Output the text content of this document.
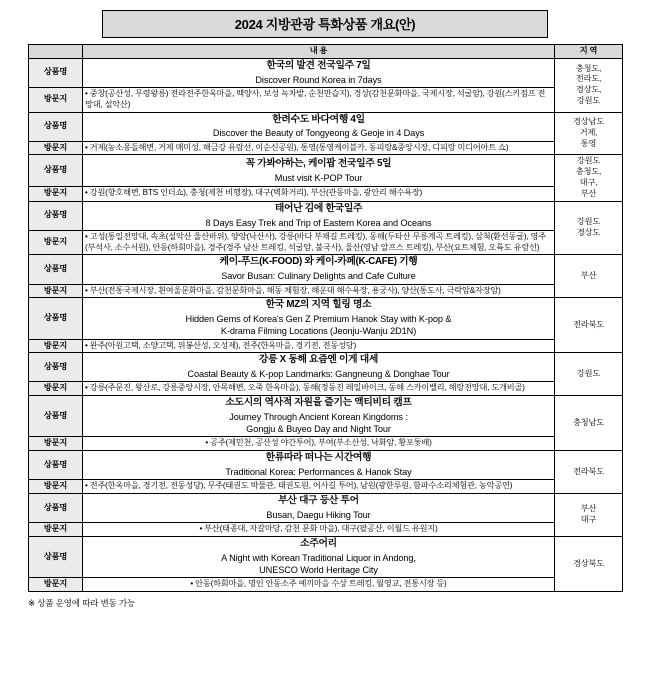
2024 지방관광 특화상품 개요(안)
	내 용	지 역
상품명	한국의 발견 전국일주 7일
Discover Round Korea in 7days	충청도,
전라도,
경상도,
강원도
방문지	• 중창(공산성, 무령왕릉) 전라전주한옥마을, 백양사, 보성 녹차밭, 순천만습지), 경상(감천문화마을, 국제시장, 석굴암), 강원(스키점프 전망대, 설악산)	
상품명	한려수도 바다여행 4일
Discover the Beauty of Tongyeong & Geoje in 4 Days	경상남도
거제,
통영
방문지	• 거제(농소몽돌해변, 거제 매미성, 해금강 유람선, 이순신공원), 통영(통영케이블카, 동피랑&중앙시장, 디피랑 미디어아트 쇼)	
상품명	꼭 가봐야하는, 케이팝 전국일주 5일
Must visit K-POP Tour	강원도
충청도,
대구,
부산
방문지	• 강원(향호해변, BTS 인더쇼), 충청(제천 비행장), 대구(벽화거리), 부산(관동마을, 광안리 해수욕장)	
상품명	태어난 김에 한국일주
8 Days Easy Trek and Trip of Eastern Korea and Oceans	강원도
경상도
방문지	• 고성(통일전망대, 속초(설악산 울산바위), 양양(낙산사), 강릉(바다 부채길 트레킹), 동해(두타산 무릉계곡 트레킹), 삼척(환선동굴), 영주(부석사, 소수서원), 안동(하회마을), 경주(경주 남산 트레킹, 석굴암, 불국사), 울산(영남 알프스 트레킹), 부산(요트체험, 오륙도 유람선)	
상품명	케이-푸드(K-FOOD) 와 케이-카페(K-CAFE) 기행
Savor Busan: Culinary Delights and Cafe Culture	부산
방문지	• 부산(전통국제시장, 흰여울문화마을, 감천문화마을, 해동 체험장, 해운대 해수욕장, 용궁사), 양산(통도사, 극락암&자장암)	
상품명	한국 MZ의 지역 힐링 명소
Hidden Gems of Korea's Gen Z Premium Hanok Stay with K-pop &
K-drama Filming Locations (Jeonju-Wanju 2D1N)	전라북도
방문지	• 완주(아원고택, 소양고택, 위봉산성, 오성제), 전주(한옥마을, 경기전, 전동성당)	
상품명	강릉 X 동해 요즘엔 이게 대세
Coastal Beauty & K-pop Landmarks: Gangneung & Donghae Tour	강원도
방문지	• 강릉(주문진, 왕산로, 강릉중앙시장, 안목해변, 오죽 한옥마을), 동해(정동진 레일바이크, 동해 스카이밸리, 해랑전망대, 도개비골)	
상품명	소도시의 역사적 자원을 즐기는 액티비티 캠프
Journey Through Ancient Korean Kingdoms :
Gongju & Buyeo Day and Night Tour	충청남도
방문지	• 공주(제민천, 공산성 야간투어), 부여(부소산성, 낙화암, 황포돛배)	
상품명	한류따라 떠나는 시간여행
Traditional Korea: Performances & Hanok Stay	전라북도
방문지	• 전주(한옥마을, 경기전, 전동성당), 무주(태권도 박물관, 태권도원, 어사길 투어), 남원(광한루원, 함파수소리체험관, 농악공연)	
상품명	부산 대구 등산 투어
Busan, Daegu Hiking Tour	부산
대구
방문지	• 부산(태종대, 자갈마당, 감천 문화 마을), 대구(팔공산, 이월드 유원지)	
상품명	소주어리
A Night with Korean Traditional Liquor in Andong,
UNESCO World Heritage City	경상북도
방문지	• 안동(하회마을, 명인 안동소주 예끼마을 수상 트레킹, 월영교, 전통시장 등)	
※ 상품 운영에 따라 변동 가능
